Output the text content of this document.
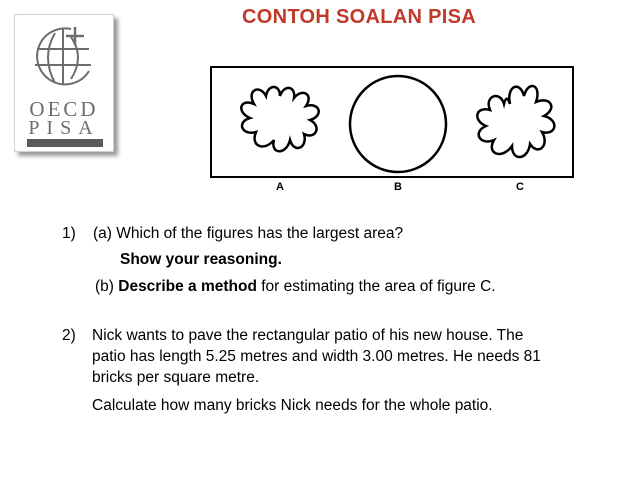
CONTOH SOALAN PISA
OECD
PISA
A	B	C
1) (a) Which of the figures has the largest area?
Show your reasoning.
(b) Describe a method for estimating the area of figure C.
2) Nick wants to pave the rectangular patio of his new house. The
patio has length 5.25 metres and width 3.00 metres. He needs 81
bricks per square metre.
Calculate how many bricks Nick needs for the whole patio.
